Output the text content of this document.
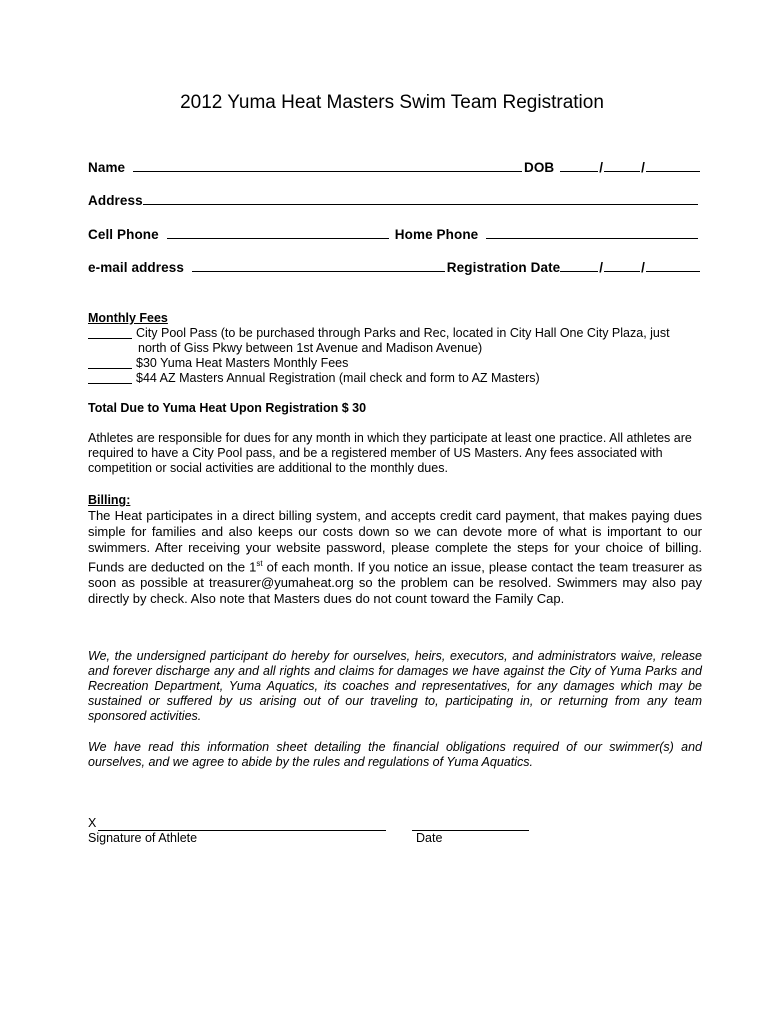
2012 Yuma Heat Masters Swim Team Registration
Name	DOB	/	/
Address
Cell Phone	Home Phone
e-mail address	Registration Date	/	/
Monthly Fees
City Pool Pass (to be purchased through Parks and Rec, located in City Hall One City Plaza, just
north of Giss Pkwy between 1st Avenue and Madison Avenue)
$30 Yuma Heat Masters Monthly Fees
$44 AZ Masters Annual Registration (mail check and form to AZ Masters)
Total Due to Yuma Heat Upon Registration $ 30
Athletes are responsible for dues for any month in which they participate at least one practice. All athletes are required to have a City Pool pass, and be a registered member of US Masters. Any fees associated with competition or social activities are additional to the monthly dues.
Billing:
The Heat participates in a direct billing system, and accepts credit card payment, that makes paying dues simple for families and also keeps our costs down so we can devote more of what is important to our swimmers. After receiving your website password, please complete the steps for your choice of billing. Funds are deducted on the 1st of each month. If you notice an issue, please contact the team treasurer as soon as possible at treasurer@yumaheat.org so the problem can be resolved. Swimmers may also pay directly by check. Also note that Masters dues do not count toward the Family Cap.
We, the undersigned participant do hereby for ourselves, heirs, executors, and administrators waive, release and forever discharge any and all rights and claims for damages we have against the City of Yuma Parks and Recreation Department, Yuma Aquatics, its coaches and representatives, for any damages which may be sustained or suffered by us arising out of our traveling to, participating in, or returning from any team sponsored activities.
We have read this information sheet detailing the financial obligations required of our swimmer(s) and ourselves, and we agree to abide by the rules and regulations of Yuma Aquatics.
X
Signature of Athlete	Date
